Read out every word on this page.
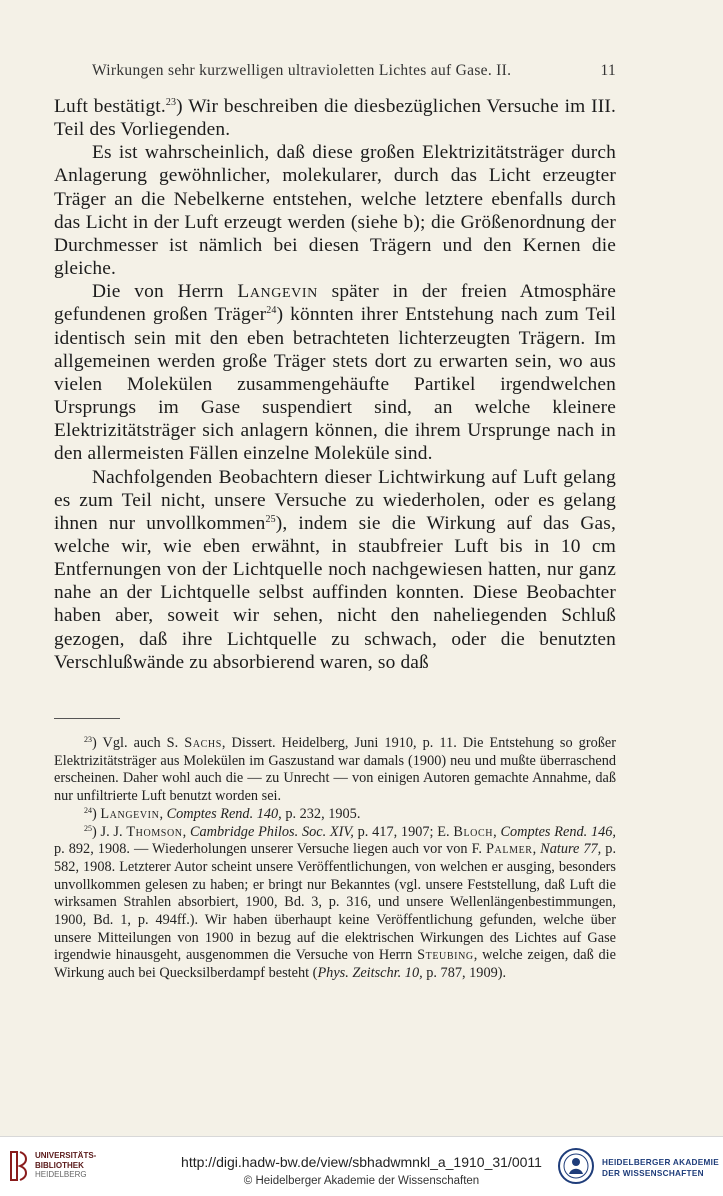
Wirkungen sehr kurzwelligen ultravioletten Lichtes auf Gase. II.	11

Luft bestätigt.$^{23}$) Wir beschreiben die diesbezüglichen Versuche im III. Teil des Vorliegenden.

Es ist wahrscheinlich, daß diese großen Elektrizitätsträger durch Anlagerung gewöhnlicher, molekularer, durch das Licht erzeugter Träger an die Nebelkerne entstehen, welche letztere ebenfalls durch das Licht in der Luft erzeugt werden (siehe b); die Größenordnung der Durchmesser ist nämlich bei diesen Trägern und den Kernen die gleiche.

Die von Herrn Langevin später in der freien Atmosphäre gefundenen großen Träger$^{24}$) könnten ihrer Entstehung nach zum Teil identisch sein mit den eben betrachteten lichterzeugten Trägern. Im allgemeinen werden große Träger stets dort zu erwarten sein, wo aus vielen Molekülen zusammengehäufte Partikel irgendwelchen Ursprungs im Gase suspendiert sind, an welche kleinere Elektrizitätsträger sich anlagern können, die ihrem Ursprunge nach in den allermeisten Fällen einzelne Moleküle sind.

Nachfolgenden Beobachtern dieser Lichtwirkung auf Luft gelang es zum Teil nicht, unsere Versuche zu wiederholen, oder es gelang ihnen nur unvollkommen$^{25}$), indem sie die Wirkung auf das Gas, welche wir, wie eben erwähnt, in staubfreier Luft bis in 10 cm Entfernungen von der Lichtquelle noch nachgewiesen hatten, nur ganz nahe an der Lichtquelle selbst auffinden konnten. Diese Beobachter haben aber, soweit wir sehen, nicht den naheliegenden Schluß gezogen, daß ihre Lichtquelle zu schwach, oder die benutzten Verschlußwände zu absorbierend waren, so daß

$^{23}$) Vgl. auch S. Sachs, Dissert. Heidelberg, Juni 1910, p. 11. Die Entstehung so großer Elektrizitätsträger aus Molekülen im Gaszustand war damals (1900) neu und mußte überraschend erscheinen. Daher wohl auch die — zu Unrecht — von einigen Autoren gemachte Annahme, daß nur unfiltrierte Luft benutzt worden sei.

$^{24}$) Langevin, Comptes Rend. 140, p. 232, 1905.

$^{25}$) J. J. Thomson, Cambridge Philos. Soc. XIV, p. 417, 1907; E. Bloch, Comptes Rend. 146, p. 892, 1908. — Wiederholungen unserer Versuche liegen auch vor von F. Palmer, Nature 77, p. 582, 1908. Letzterer Autor scheint unsere Veröffentlichungen, von welchen er ausging, besonders unvollkommen gelesen zu haben; er bringt nur Bekanntes (vgl. unsere Feststellung, daß Luft die wirksamen Strahlen absorbiert, 1900, Bd. 3, p. 316, und unsere Wellenlängenbestimmungen, 1900, Bd. 1, p. 494ff.). Wir haben überhaupt keine Veröffentlichung gefunden, welche über unsere Mitteilungen von 1900 in bezug auf die elektrischen Wirkungen des Lichtes auf Gase irgendwie hinausgeht, ausgenommen die Versuche von Herrn Steubing, welche zeigen, daß die Wirkung auch bei Quecksilberdampf besteht (Phys. Zeitschr. 10, p. 787, 1909).

UNIVERSITÄTS-
BIBLIOTHEK
HEIDELBERG
http://digi.hadw-bw.de/view/sbhadwmnkl_a_1910_31/0011
© Heidelberger Akademie der Wissenschaften
HEIDELBERGER AKADEMIE
DER WISSENSCHAFTEN
